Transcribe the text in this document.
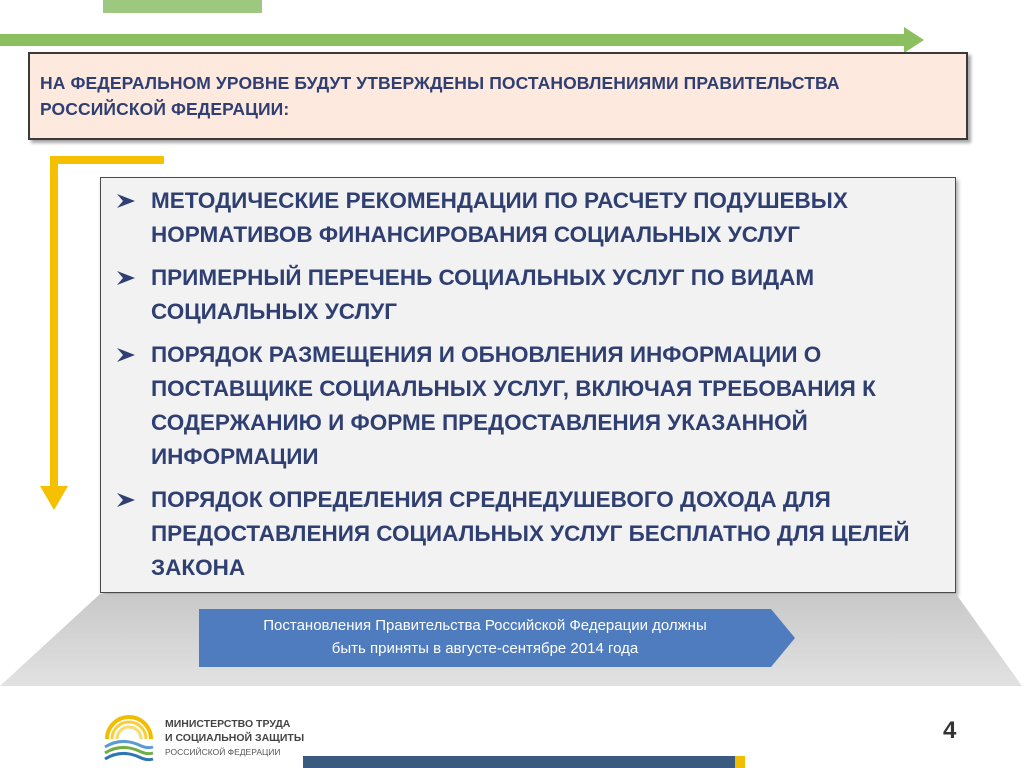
НА ФЕДЕРАЛЬНОМ УРОВНЕ БУДУТ УТВЕРЖДЕНЫ ПОСТАНОВЛЕНИЯМИ ПРАВИТЕЛЬСТВА РОССИЙСКОЙ ФЕДЕРАЦИИ:

МЕТОДИЧЕСКИЕ РЕКОМЕНДАЦИИ ПО РАСЧЕТУ ПОДУШЕВЫХ НОРМАТИВОВ ФИНАНСИРОВАНИЯ СОЦИАЛЬНЫХ УСЛУГ
ПРИМЕРНЫЙ ПЕРЕЧЕНЬ СОЦИАЛЬНЫХ УСЛУГ ПО ВИДАМ СОЦИАЛЬНЫХ УСЛУГ
ПОРЯДОК РАЗМЕЩЕНИЯ И ОБНОВЛЕНИЯ ИНФОРМАЦИИ О ПОСТАВЩИКЕ СОЦИАЛЬНЫХ УСЛУГ, ВКЛЮЧАЯ ТРЕБОВАНИЯ К СОДЕРЖАНИЮ И ФОРМЕ ПРЕДОСТАВЛЕНИЯ УКАЗАННОЙ ИНФОРМАЦИИ
ПОРЯДОК ОПРЕДЕЛЕНИЯ СРЕДНЕДУШЕВОГО ДОХОДА ДЛЯ ПРЕДОСТАВЛЕНИЯ СОЦИАЛЬНЫХ УСЛУГ БЕСПЛАТНО ДЛЯ ЦЕЛЕЙ ЗАКОНА
Постановления Правительства Российской Федерации должны
быть приняты в августе-сентябре 2014 года

МИНИСТЕРСТВО ТРУДА
И СОЦИАЛЬНОЙ ЗАЩИТЫ
РОССИЙСКОЙ ФЕДЕРАЦИИ

4
